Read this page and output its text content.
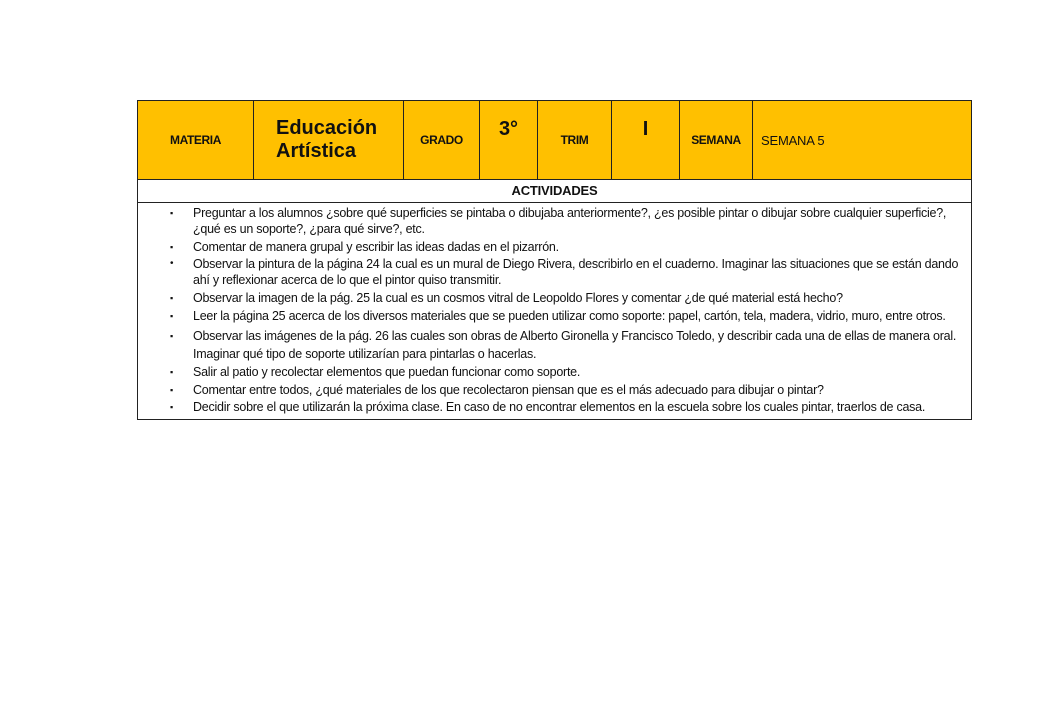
MATERIA
Educación Artística	GRADO
3°
TRIM
I
SEMANA SEMANA 5
ACTIVIDADES
▪ Preguntar a los alumnos ¿sobre qué superficies se pintaba o dibujaba anteriormente?, ¿es posible pintar o dibujar sobre cualquier superficie?, ¿qué es un soporte?, ¿para qué sirve?, etc.
▪ Comentar de manera grupal y escribir las ideas dadas en el pizarrón.
• Observar la pintura de la página 24 la cual es un mural de Diego Rivera, describirlo en el cuaderno. Imaginar las situaciones que se están dando ahí y reflexionar acerca de lo que el pintor quiso transmitir.
▪ Observar la imagen de la pág. 25 la cual es un cosmos vitral de Leopoldo Flores y comentar ¿de qué material está hecho?
▪ Leer la página 25 acerca de los diversos materiales que se pueden utilizar como soporte: papel, cartón, tela, madera, vidrio, muro, entre otros.
▪ Observar las imágenes de la pág. 26 las cuales son obras de Alberto Gironella y Francisco Toledo, y describir cada una de ellas de manera oral. Imaginar qué tipo de soporte utilizarían para pintarlas o hacerlas.
▪ Salir al patio y recolectar elementos que puedan funcionar como soporte.
▪ Comentar entre todos, ¿qué materiales de los que recolectaron piensan que es el más adecuado para dibujar o pintar?
▪ Decidir sobre el que utilizarán la próxima clase. En caso de no encontrar elementos en la escuela sobre los cuales pintar, traerlos de casa.
